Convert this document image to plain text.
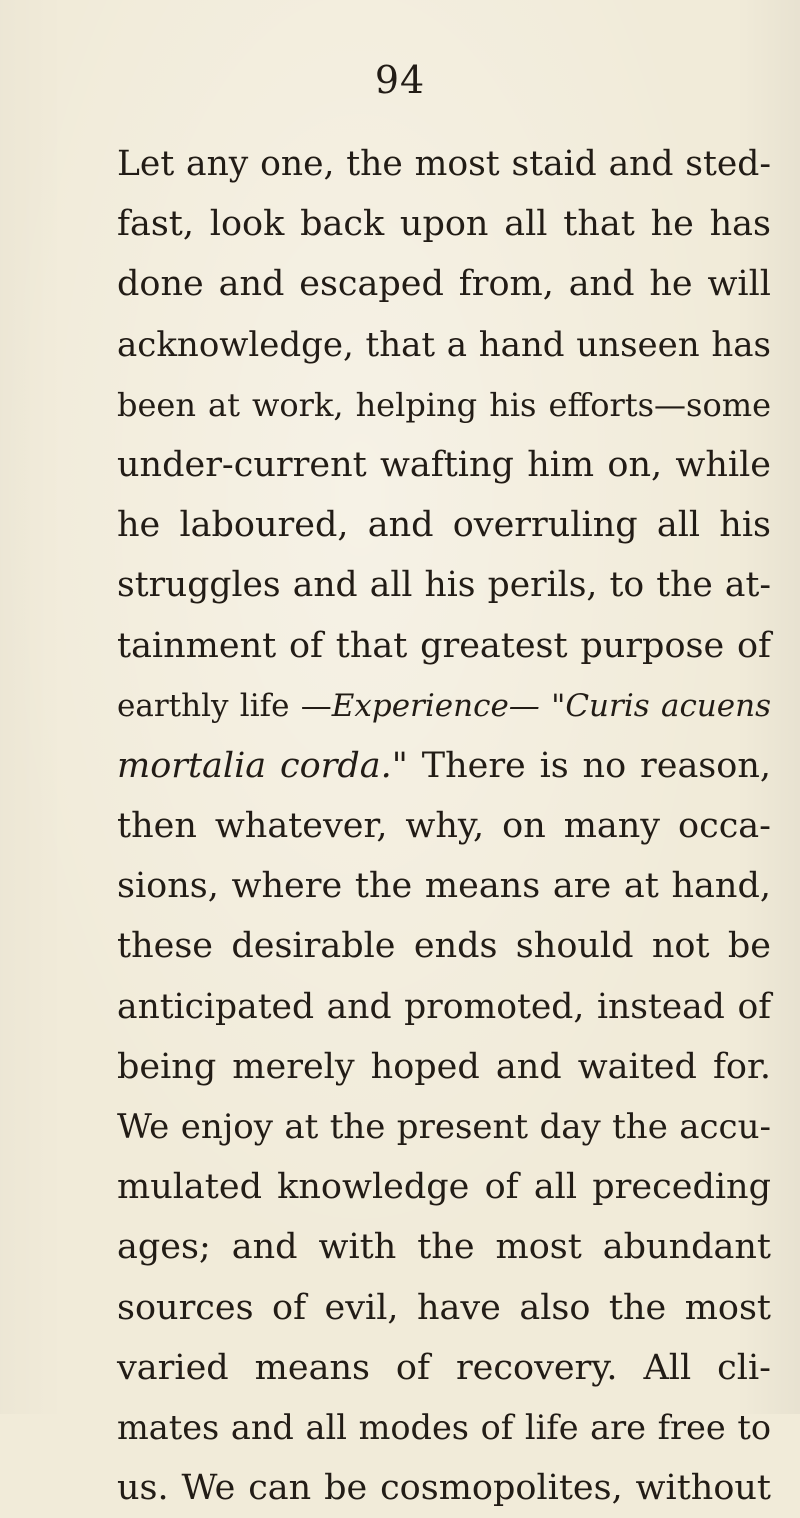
94
Let any one, the most staid and sted-
fast, look back upon all that he has
done and escaped from, and he will
acknowledge, that a hand unseen has
been at work, helping his efforts—some
under-current wafting him on, while
he laboured, and overruling all his
struggles and all his perils, to the at-
tainment of that greatest purpose of
earthly life —Experience— "Curis acuens
mortalia corda." There is no reason,
then whatever, why, on many occa-
sions, where the means are at hand,
these desirable ends should not be
anticipated and promoted, instead of
being merely hoped and waited for.
We enjoy at the present day the accu-
mulated knowledge of all preceding
ages; and with the most abundant
sources of evil, have also the most
varied means of recovery. All cli-
mates and all modes of life are free to
us. We can be cosmopolites, without
